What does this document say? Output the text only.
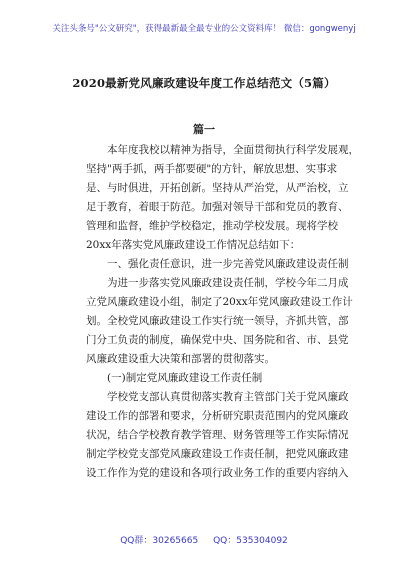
关注头条号"公文研究"，获得最新最全最专业的公文资料库！ 微信：gongwenyj
2020最新党风廉政建设年度工作总结范文（5篇）
篇一
本年度我校以精神为指导，全面贯彻执行科学发展观，
坚持"两手抓，两手都要硬"的方针，解放思想、实事求
是、与时俱进，开拓创新。坚持从严治党，从严治校，立
足于教育，着眼于防范。加强对领导干部和党员的教育、
管理和监督，维护学校稳定，推动学校发展。现将学校
20xx年落实党风廉政建设工作情况总结如下：
一、强化责任意识，进一步完善党风廉政建设责任制
为进一步落实党风廉政建设责任制，学校今年二月成
立党风廉政建设小组，制定了20xx年党风廉政建设工作计
划。全校党风廉政建设工作实行统一领导，齐抓共管，部
门分工负责的制度，确保党中央、国务院和省、市、县党
风廉政建设重大决策和部署的贯彻落实。
(一)制定党风廉政建设工作责任制
学校党支部认真贯彻落实教育主管部门关于党风廉政
建设工作的部署和要求，分析研究职责范围内的党风廉政
状况，结合学校教育教学管理、财务管理等工作实际情况
制定学校党支部党风廉政建设工作责任制，把党风廉政建
设工作作为党的建设和各项行政业务工作的重要内容纳入
QQ群：30265665 QQ：535304092
